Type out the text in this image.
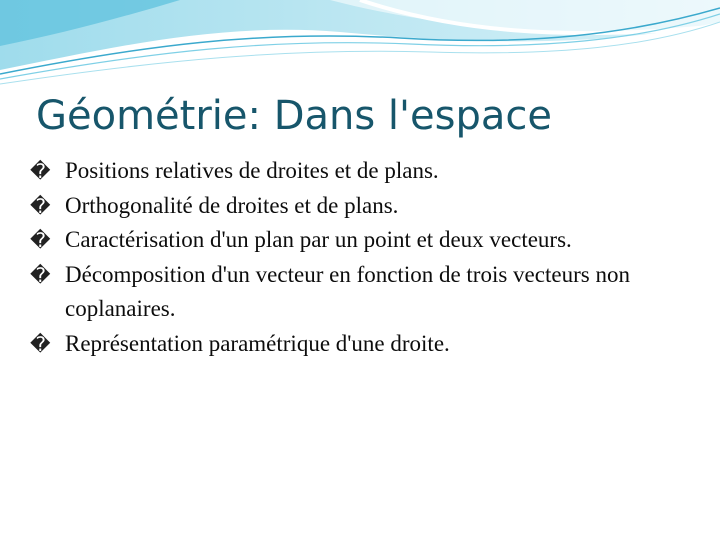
Géométrie: Dans l'espace
� Positions relatives de droites et de plans.
� Orthogonalité de droites et de plans.
� Caractérisation d'un plan par un point et deux vecteurs.
� Décomposition d'un vecteur en fonction de trois vecteurs non coplanaires.
� Représentation paramétrique d'une droite.
